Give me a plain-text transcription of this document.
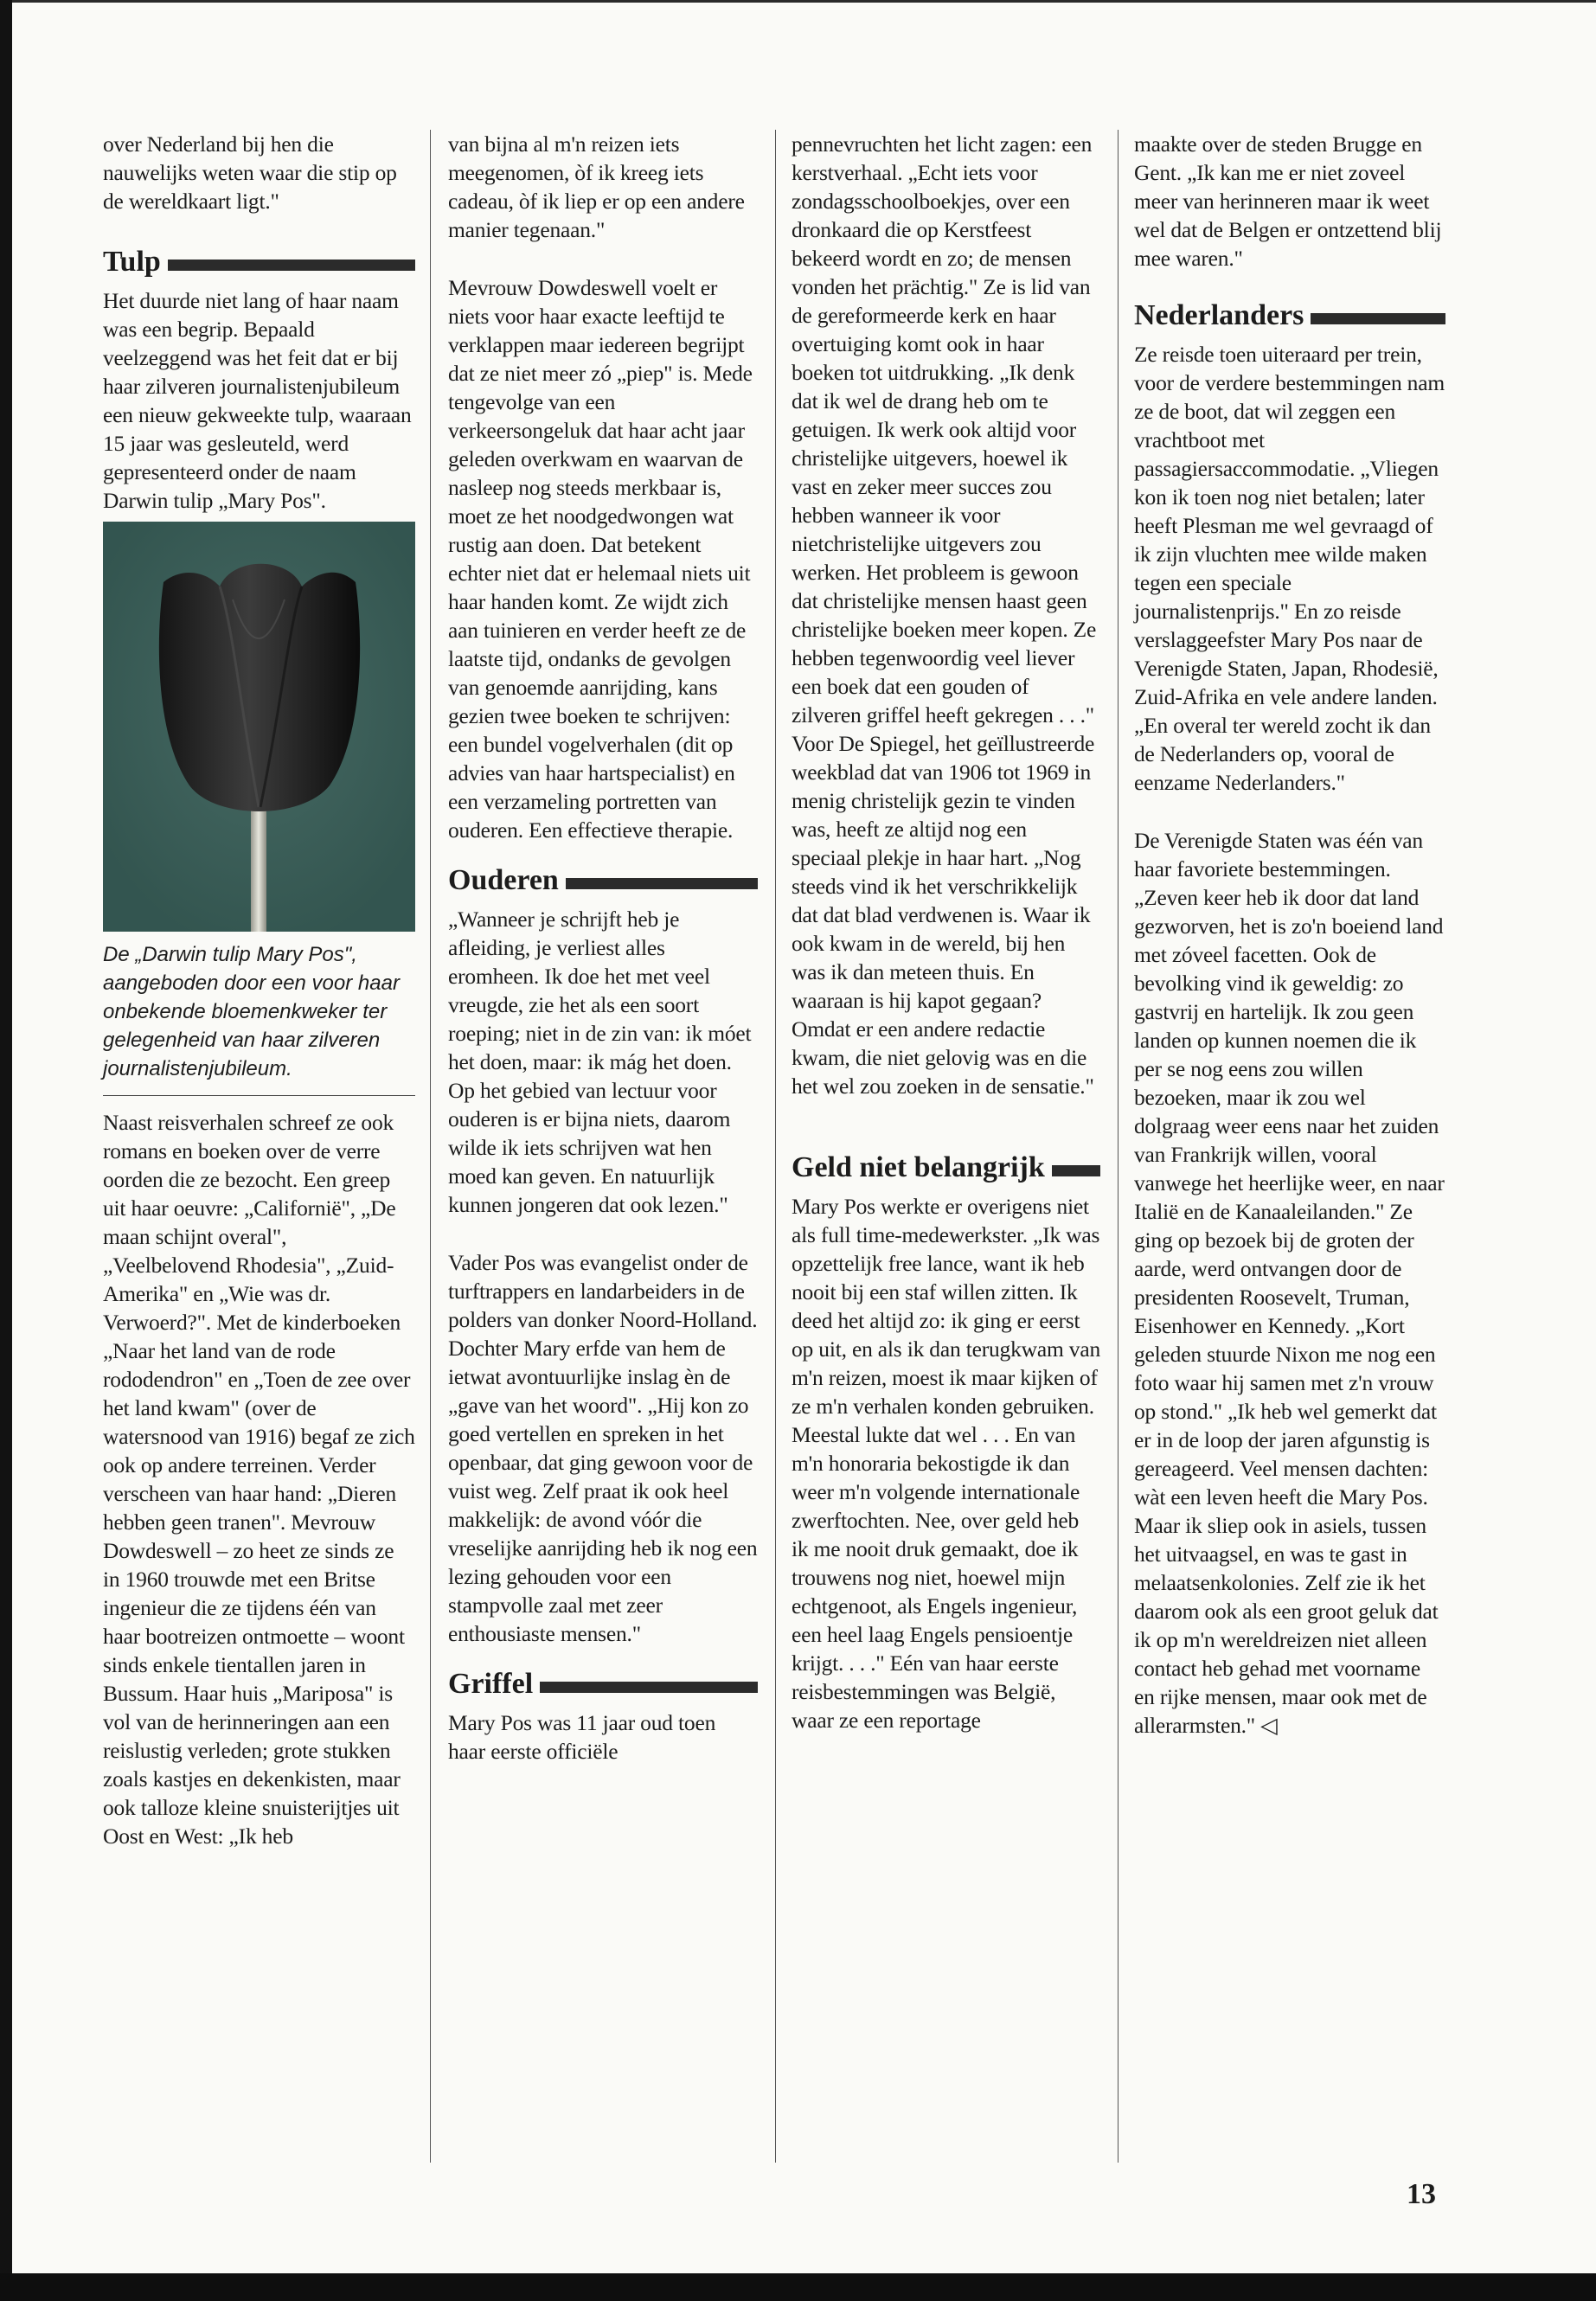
over Nederland bij hen die nauwelijks weten waar die stip op de wereldkaart ligt."

Tulp

Het duurde niet lang of haar naam was een begrip. Bepaald veelzeggend was het feit dat er bij haar zilveren journalistenjubileum een nieuw gekweekte tulp, waaraan 15 jaar was gesleuteld, werd gepresenteerd onder de naam Darwin tulip „Mary Pos".

De „Darwin tulip Mary Pos", aangeboden door een voor haar onbekende bloemenkweker ter gelegenheid van haar zilveren journalistenjubileum.

Naast reisverhalen schreef ze ook romans en boeken over de verre oorden die ze bezocht. Een greep uit haar oeuvre: „Californië", „De maan schijnt overal", „Veelbelovend Rhodesia", „Zuid-Amerika" en „Wie was dr. Verwoerd?". Met de kinderboeken „Naar het land van de rode rododendron" en „Toen de zee over het land kwam" (over de watersnood van 1916) begaf ze zich ook op andere terreinen. Verder verscheen van haar hand: „Dieren hebben geen tranen". Mevrouw Dowdeswell – zo heet ze sinds ze in 1960 trouwde met een Britse ingenieur die ze tijdens één van haar bootreizen ontmoette – woont sinds enkele tientallen jaren in Bussum. Haar huis „Mariposa" is vol van de herinneringen aan een reislustig verleden; grote stukken zoals kastjes en dekenkisten, maar ook talloze kleine snuisterijtjes uit Oost en West: „Ik heb

van bijna al m'n reizen iets meegenomen, òf ik kreeg iets cadeau, òf ik liep er op een andere manier tegenaan."

Mevrouw Dowdeswell voelt er niets voor haar exacte leeftijd te verklappen maar iedereen begrijpt dat ze niet meer zó „piep" is. Mede tengevolge van een verkeersongeluk dat haar acht jaar geleden overkwam en waarvan de nasleep nog steeds merkbaar is, moet ze het noodgedwongen wat rustig aan doen. Dat betekent echter niet dat er helemaal niets uit haar handen komt. Ze wijdt zich aan tuinieren en verder heeft ze de laatste tijd, ondanks de gevolgen van genoemde aanrijding, kans gezien twee boeken te schrijven: een bundel vogelverhalen (dit op advies van haar hartspecialist) en een verzameling portretten van ouderen. Een effectieve therapie.

Ouderen

„Wanneer je schrijft heb je afleiding, je verliest alles eromheen. Ik doe het met veel vreugde, zie het als een soort roeping; niet in de zin van: ik móet het doen, maar: ik mág het doen. Op het gebied van lectuur voor ouderen is er bijna niets, daarom wilde ik iets schrijven wat hen moed kan geven. En natuurlijk kunnen jongeren dat ook lezen."

Vader Pos was evangelist onder de turftrappers en landarbeiders in de polders van donker Noord-Holland. Dochter Mary erfde van hem de ietwat avontuurlijke inslag èn de „gave van het woord". „Hij kon zo goed vertellen en spreken in het openbaar, dat ging gewoon voor de vuist weg. Zelf praat ik ook heel makkelijk: de avond vóór die vreselijke aanrijding heb ik nog een lezing gehouden voor een stampvolle zaal met zeer enthousiaste mensen."

Griffel

Mary Pos was 11 jaar oud toen haar eerste officiële

pennevruchten het licht zagen: een kerstverhaal. „Echt iets voor zondagsschoolboekjes, over een dronkaard die op Kerstfeest bekeerd wordt en zo; de mensen vonden het prächtig." Ze is lid van de gereformeerde kerk en haar overtuiging komt ook in haar boeken tot uitdrukking. „Ik denk dat ik wel de drang heb om te getuigen. Ik werk ook altijd voor christelijke uitgevers, hoewel ik vast en zeker meer succes zou hebben wanneer ik voor nietchristelijke uitgevers zou werken. Het probleem is gewoon dat christelijke mensen haast geen christelijke boeken meer kopen. Ze hebben tegenwoordig veel liever een boek dat een gouden of zilveren griffel heeft gekregen . . ." Voor De Spiegel, het geïllustreerde weekblad dat van 1906 tot 1969 in menig christelijk gezin te vinden was, heeft ze altijd nog een speciaal plekje in haar hart. „Nog steeds vind ik het verschrikkelijk dat dat blad verdwenen is. Waar ik ook kwam in de wereld, bij hen was ik dan meteen thuis. En waaraan is hij kapot gegaan? Omdat er een andere redactie kwam, die niet gelovig was en die het wel zou zoeken in de sensatie."

Geld niet belangrijk

Mary Pos werkte er overigens niet als full time-medewerkster. „Ik was opzettelijk free lance, want ik heb nooit bij een staf willen zitten. Ik deed het altijd zo: ik ging er eerst op uit, en als ik dan terugkwam van m'n reizen, moest ik maar kijken of ze m'n verhalen konden gebruiken. Meestal lukte dat wel . . . En van m'n honoraria bekostigde ik dan weer m'n volgende internationale zwerftochten. Nee, over geld heb ik me nooit druk gemaakt, doe ik trouwens nog niet, hoewel mijn echtgenoot, als Engels ingenieur, een heel laag Engels pensioentje krijgt. . . ." Eén van haar eerste reisbestemmingen was België, waar ze een reportage

maakte over de steden Brugge en Gent. „Ik kan me er niet zoveel meer van herinneren maar ik weet wel dat de Belgen er ontzettend blij mee waren."

Nederlanders

Ze reisde toen uiteraard per trein, voor de verdere bestemmingen nam ze de boot, dat wil zeggen een vrachtboot met passagiersaccommodatie. „Vliegen kon ik toen nog niet betalen; later heeft Plesman me wel gevraagd of ik zijn vluchten mee wilde maken tegen een speciale journalistenprijs." En zo reisde verslaggeefster Mary Pos naar de Verenigde Staten, Japan, Rhodesië, Zuid-Afrika en vele andere landen. „En overal ter wereld zocht ik dan de Nederlanders op, vooral de eenzame Nederlanders."

De Verenigde Staten was één van haar favoriete bestemmingen. „Zeven keer heb ik door dat land gezworven, het is zo'n boeiend land met zóveel facetten. Ook de bevolking vind ik geweldig: zo gastvrij en hartelijk. Ik zou geen landen op kunnen noemen die ik per se nog eens zou willen bezoeken, maar ik zou wel dolgraag weer eens naar het zuiden van Frankrijk willen, vooral vanwege het heerlijke weer, en naar Italië en de Kanaaleilanden." Ze ging op bezoek bij de groten der aarde, werd ontvangen door de presidenten Roosevelt, Truman, Eisenhower en Kennedy. „Kort geleden stuurde Nixon me nog een foto waar hij samen met z'n vrouw op stond." „Ik heb wel gemerkt dat er in de loop der jaren afgunstig is gereageerd. Veel mensen dachten: wàt een leven heeft die Mary Pos. Maar ik sliep ook in asiels, tussen het uitvaagsel, en was te gast in melaatsenkolonies. Zelf zie ik het daarom ook als een groot geluk dat ik op m'n wereldreizen niet alleen contact heb gehad met voorname en rijke mensen, maar ook met de allerarmsten." ◁

13
